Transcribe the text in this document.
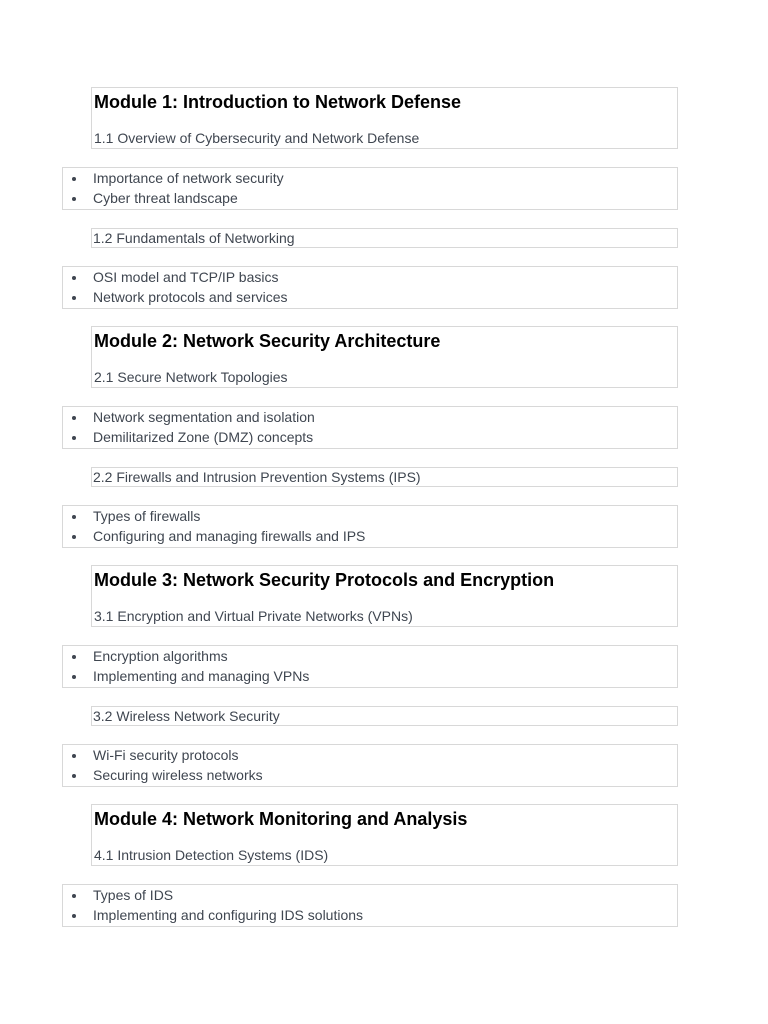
Module 1: Introduction to Network Defense

1.1 Overview of Cybersecurity and Network Defense

Importance of network security
Cyber threat landscape
1.2 Fundamentals of Networking
OSI model and TCP/IP basics
Network protocols and services
Module 2: Network Security Architecture

2.1 Secure Network Topologies

Network segmentation and isolation
Demilitarized Zone (DMZ) concepts
2.2 Firewalls and Intrusion Prevention Systems (IPS)
Types of firewalls
Configuring and managing firewalls and IPS
Module 3: Network Security Protocols and Encryption

3.1 Encryption and Virtual Private Networks (VPNs)

Encryption algorithms
Implementing and managing VPNs
3.2 Wireless Network Security
Wi-Fi security protocols
Securing wireless networks
Module 4: Network Monitoring and Analysis

4.1 Intrusion Detection Systems (IDS)

Types of IDS
Implementing and configuring IDS solutions
